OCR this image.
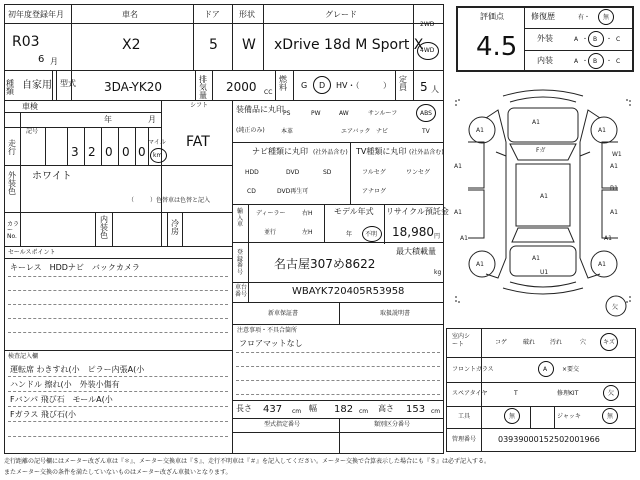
初年度登録年月
R03
6 月
車名
X2
ドア
5
形状
W
グレード
xDrive 18d M Sport X
2WD
4WD
種類
自家用 型式 3DA-YK20
排気量
2000 CC
燃料 G D HV・（	）
定員 5 人
車検
年	月
シフト
FAT
記号
走行	3 2 0 0 0
マイル
km
外装色
ホワイト
（	）色替車は色替と記入
カラーNo.
内装色
冷房
セールスポイント
キーレス　HDDナビ　バックカメラ
検査記入欄
運転席 わきすれ(小　ピラー内張A(小
ハンドル 擦れ(小　外装小傷有
Fバンパ 飛び石　モールA(小
Fガラス 飛び石(小
装備品に丸印
(純正のみ)
PS	PW	AW	サンルーフ	ABS
本革	エアバック ナビ	TV
ナビ種類に丸印 (社外品含む) TV種類に丸印 (社外品含む)
HDD	DVD	SD
CD	DVD再生可
フルセグ	ワンセグ
アナログ
輸入車
ディーラー
並行
右H
左H
モデル年式
年 不明
リサイクル預託金
18,980 円
最大積載量
kg
登録番号
名古屋307め8622
車台番号	WBAYK720405R53958
新車保証書	取扱説明書
注意事項・不具合箇所
フロアマットなし
長さ 437 cm 幅 182 cm 高さ 153 cm
型式指定番号	類別区分番号
評価点
4.5
修復歴	有・ 無
外装	A ・ B ・ C
内装	A ・ B ・ C
A1	A1
A1	A1
A1
A1	A1
A1	A1
A1
U1
W1
B1
A1	A1
A1
Fガ
欠
室内シート	コゲ	破れ 汚れ	穴	キズ
フロントガラス	A ×要交
スペアタイヤ	T	修理KIT	欠
工具	無	ジャッキ	無
管理番号	0393900015250200196​6
走行距離の記号欄にはメーター改ざん車は『＊』、メーター交換車は『＄』、走行不明車は『＃』を記入してください。メーター交換で合算表示した場合にも『＄』は必ず記入する。
またメーター交換の条件を満たしていないものはメーター改ざん車扱いとなります。
